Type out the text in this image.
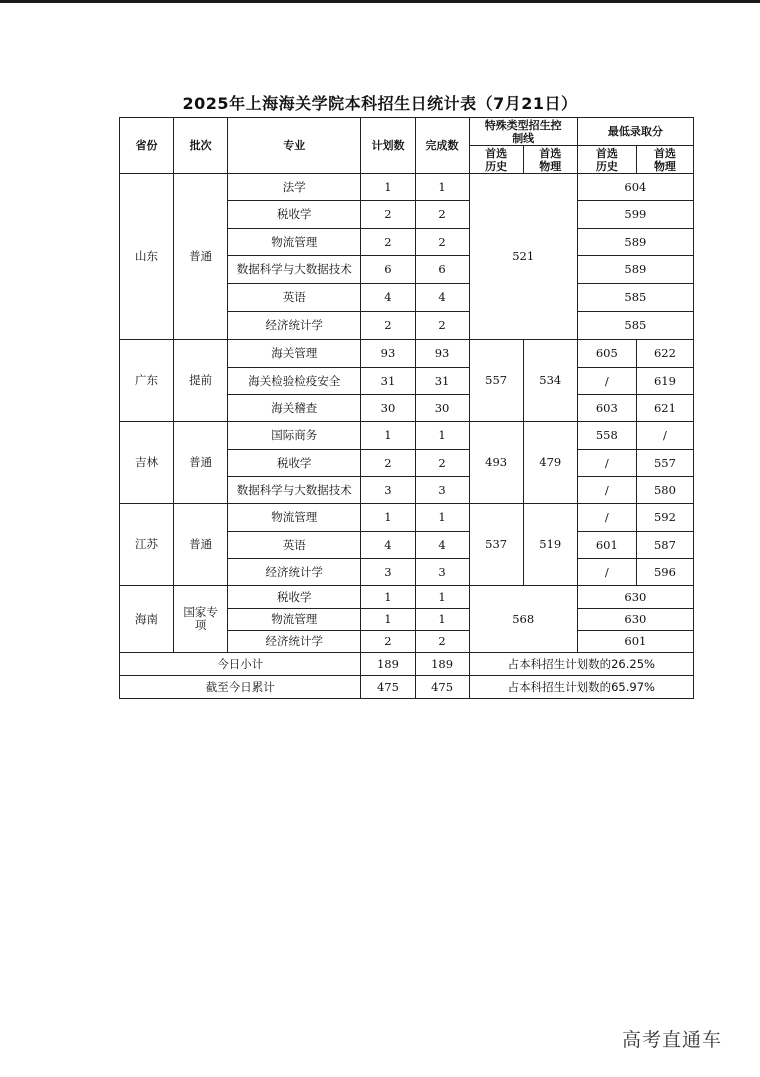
2025年上海海关学院本科招生日统计表（7月21日）
省份	批次	专业	计划数	完成数	特殊类型招生控制线		最低录取分	
					首选历史	首选物理	首选历史	首选物理
山东	普通	法学	1	1	521		604	
		税收学	2	2			599	
		物流管理	2	2			589	
		数据科学与大数据技术	6	6			589	
		英语	4	4			585	
		经济统计学	2	2			585	
广东	提前	海关管理	93	93	557	534	605	622
		海关检验检疫安全	31	31			/	619
		海关稽查	30	30			603	621
吉林	普通	国际商务	1	1	493	479	558	/
		税收学	2	2			/	557
		数据科学与大数据技术	3	3			/	580
江苏	普通	物流管理	1	1	537	519	/	592
		英语	4	4			601	587
		经济统计学	3	3			/	596
海南	国家专项	税收学	1	1	568		630	
		物流管理	1	1			630	
		经济统计学	2	2			601	
今日小计			189	189	占本科招生计划数的26.25%			
截至今日累计			475	475	占本科招生计划数的65.97%			
高考直通车
